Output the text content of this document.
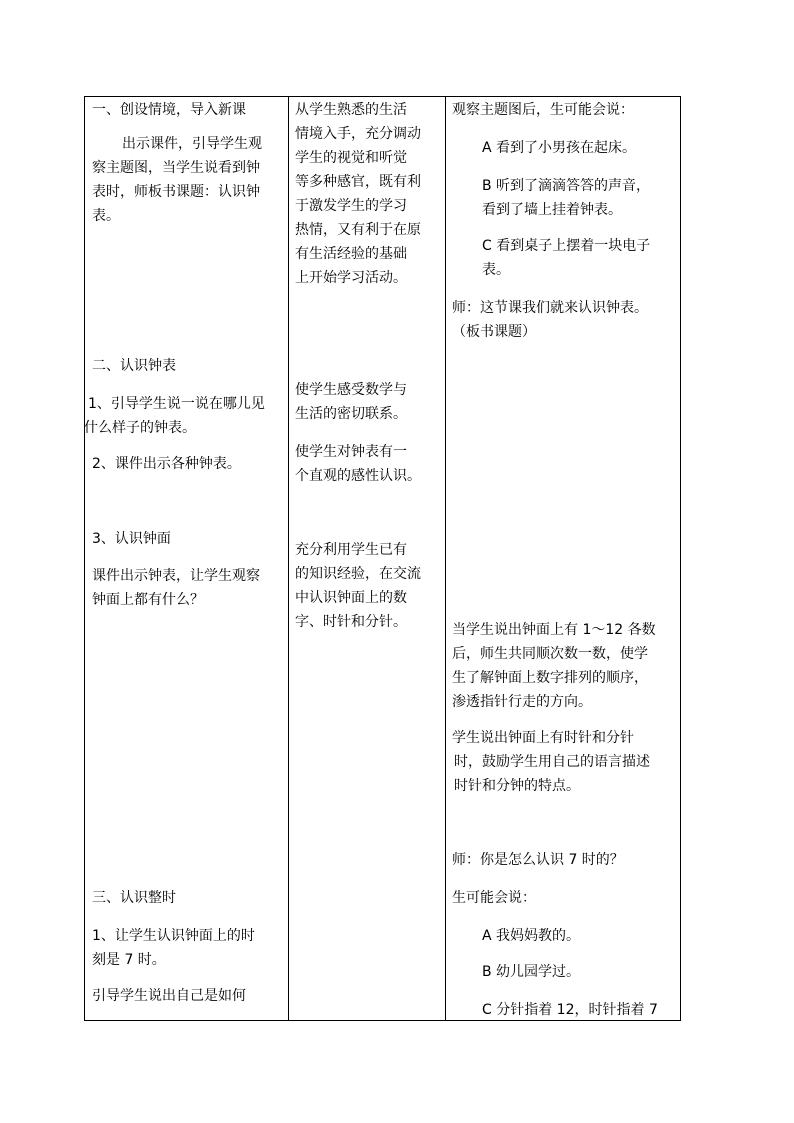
一、创设情境，导入新课

出示课件，引导学生观

察主题图，当学生说看到钟

表时，师板书课题：认识钟

表。

二、认识钟表

1、引导学生说一说在哪儿见

什么样子的钟表。

2、课件出示各种钟表。

3、认识钟面

课件出示钟表，让学生观察

钟面上都有什么？

三、认识整时

1、让学生认识钟面上的时

刻是 7 时。

引导学生说出自己是如何

从学生熟悉的生活

情境入手，充分调动

学生的视觉和听觉

等多种感官，既有利

于激发学生的学习

热情，又有利于在原

有生活经验的基础

上开始学习活动。

使学生感受数学与

生活的密切联系。

使学生对钟表有一

个直观的感性认识。

充分利用学生已有

的知识经验，在交流

中认识钟面上的数

字、时针和分针。

观察主题图后，生可能会说：

A 看到了小男孩在起床。

B 听到了滴滴答答的声音，

看到了墙上挂着钟表。

C 看到桌子上摆着一块电子

表。

师：这节课我们就来认识钟表。

（板书课题）

当学生说出钟面上有 1～12 各数

后，师生共同顺次数一数，使学

生了解钟面上数字排列的顺序，

渗透指针行走的方向。

学生说出钟面上有时针和分针

时，鼓励学生用自己的语言描述

时针和分钟的特点。

师：你是怎么认识 7 时的？

生可能会说：

A 我妈妈教的。

B 幼儿园学过。

C 分针指着 12，时针指着 7
